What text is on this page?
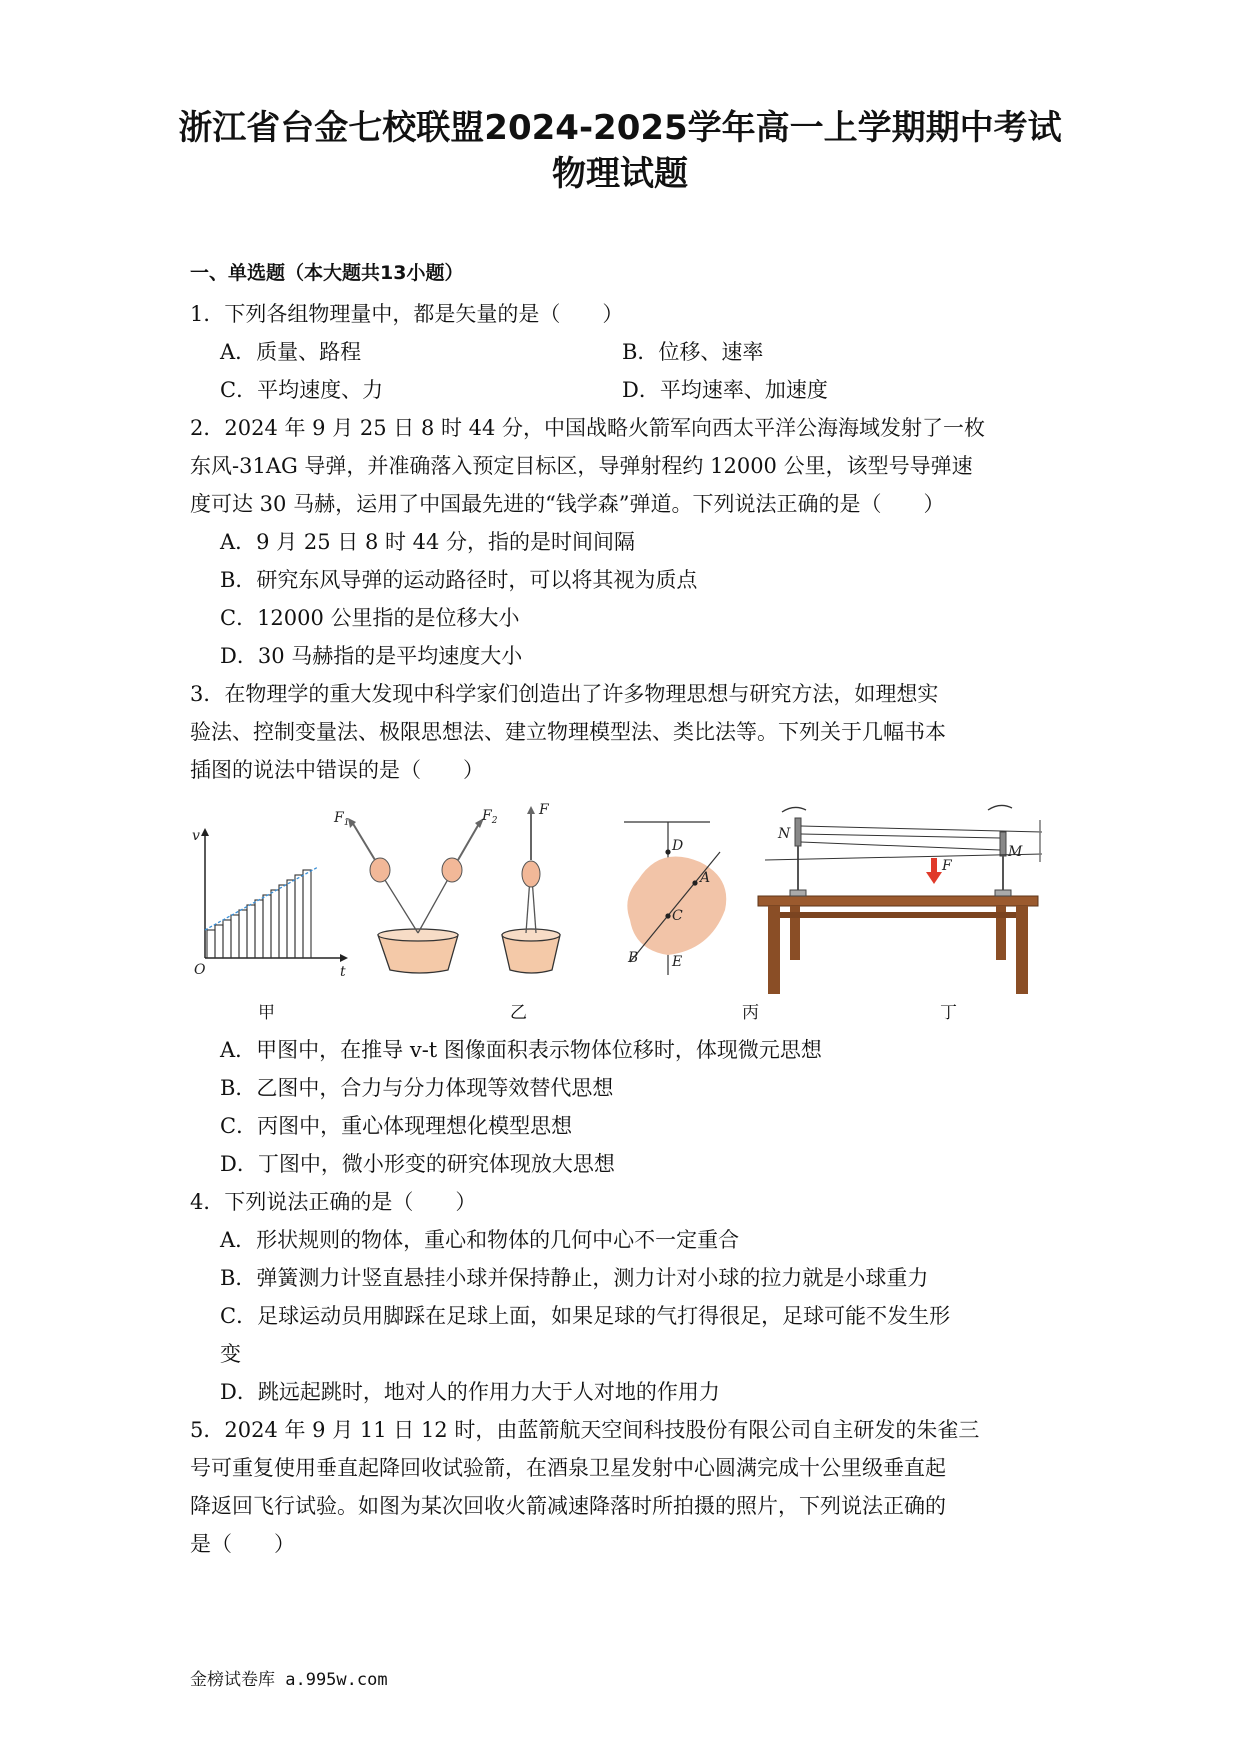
浙江省台金七校联盟2024-2025学年高一上学期期中考试
物理试题
一、单选题（本大题共13小题）
1．下列各组物理量中，都是矢量的是（　　）
A．质量、路程	B．位移、速率
C．平均速度、力	D．平均速率、加速度
2．2024 年 9 月 25 日 8 时 44 分，中国战略火箭军向西太平洋公海海域发射了一枚
东风-31AG 导弹，并准确落入预定目标区，导弹射程约 12000 公里，该型号导弹速
度可达 30 马赫，运用了中国最先进的“钱学森”弹道。下列说法正确的是（　　）
A．9 月 25 日 8 时 44 分，指的是时间间隔
B．研究东风导弹的运动路径时，可以将其视为质点
C．12000 公里指的是位移大小
D．30 马赫指的是平均速度大小
3．在物理学的重大发现中科学家们创造出了许多物理思想与研究方法，如理想实
验法、控制变量法、极限思想法、建立物理模型法、类比法等。下列关于几幅书本
插图的说法中错误的是（　　）
v
t
O
$F_1$	$F_2$
F
D
A
C
B E
N
M
F
甲	乙	丙	丁
A．甲图中，在推导 v-t 图像面积表示物体位移时，体现微元思想
B．乙图中，合力与分力体现等效替代思想
C．丙图中，重心体现理想化模型思想
D．丁图中，微小形变的研究体现放大思想
4．下列说法正确的是（　　）
A．形状规则的物体，重心和物体的几何中心不一定重合
B．弹簧测力计竖直悬挂小球并保持静止，测力计对小球的拉力就是小球重力
C．足球运动员用脚踩在足球上面，如果足球的气打得很足，足球可能不发生形
变
D．跳远起跳时，地对人的作用力大于人对地的作用力
5．2024 年 9 月 11 日 12 时，由蓝箭航天空间科技股份有限公司自主研发的朱雀三
号可重复使用垂直起降回收试验箭，在酒泉卫星发射中心圆满完成十公里级垂直起
降返回飞行试验。如图为某次回收火箭减速降落时所拍摄的照片，下列说法正确的
是（　　）
金榜试卷库 a.995w.com
